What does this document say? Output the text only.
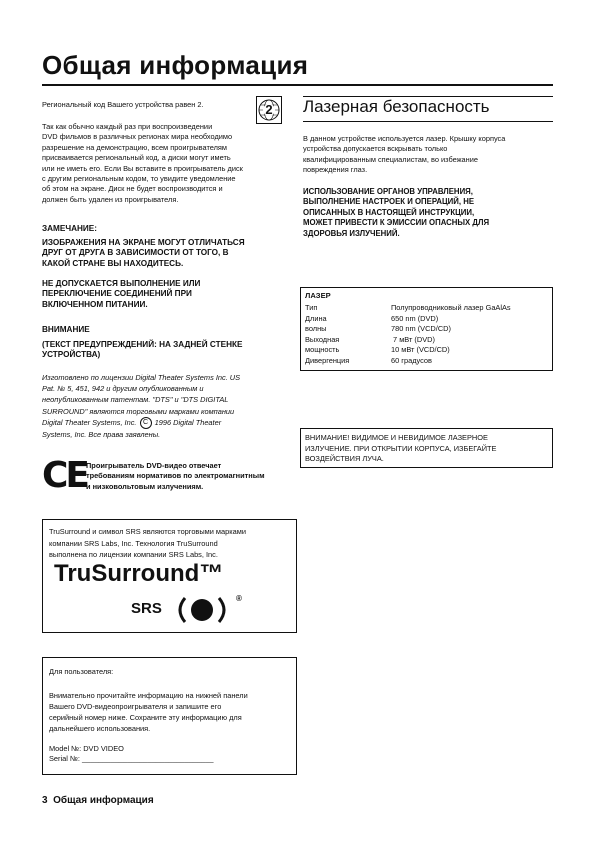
Общая информация
Региональный код Вашего устройства равен 2.	2
Так как обычно каждый раз при воспроизведении
DVD фильмов в различных регионах мира необходимо
разрешение на демонстрацию, всем проигрывателям
присваивается региональный код, а диски могут иметь
или не иметь его. Если Вы вставите в проигрыватель диск
с другим региональным кодом, то увидите уведомление
об этом на экране. Диск не будет воспроизводится и
должен быть удален из проигрывателя.
ЗАМЕЧАНИЕ:
ИЗОБРАЖЕНИЯ НА ЭКРАНЕ МОГУТ ОТЛИЧАТЬСЯ
ДРУГ ОТ ДРУГА В ЗАВИСИМОСТИ ОТ ТОГО, В
КАКОЙ СТРАНЕ ВЫ НАХОДИТЕСЬ.
НЕ ДОПУСКАЕТСЯ ВЫПОЛНЕНИЕ ИЛИ
ПЕРЕКЛЮЧЕНИЕ СОЕДИНЕНИЙ ПРИ
ВКЛЮЧЕННОМ ПИТАНИИ.
ВНИМАНИЕ
(ТЕКСТ ПРЕДУПРЕЖДЕНИЙ: НА ЗАДНЕЙ СТЕНКЕ
УСТРОЙСТВА)
Изготовлено по лицензии Digital Theater Systems Inc. US
Pat. № 5, 451, 942 и другим опубликованным и
неопубликованным патентам. "DTS" и "DTS DIGITAL
SURROUND" являются торговыми марками компании
Digital Theater Systems, Inc. C 1996 Digital Theater
Systems, Inc. Все права заявлены.
CE
Проигрыватель DVD-видео отвечает
требованиям нормативов по электромагнитным
и низковольтовым излучениям.
TruSurround и символ SRS являются торговыми марками
компании SRS Labs, Inc. Технология TruSurround
выполнена по лицензии компании SRS Labs, Inc.
TruSurround™
SRS
®
Для пользователя:
Внимательно прочитайте информацию на нижней панели
Вашего DVD-видеопроигрывателя и запишите его
серийный номер ниже. Сохраните эту информацию для
дальнейшего использования.
Model №: DVD VIDEO
Serial №: ________________________________
3 Общая информация
Лазерная безопасность
В данном устройстве используется лазер. Крышку корпуса
устройства допускается вскрывать только
квалифицированным специалистам, во избежание
повреждения глаз.
ИСПОЛЬЗОВАНИЕ ОРГАНОВ УПРАВЛЕНИЯ,
ВЫПОЛНЕНИЕ НАСТРОЕК И ОПЕРАЦИЙ, НЕ
ОПИСАННЫХ В НАСТОЯЩЕЙ ИНСТРУКЦИИ,
МОЖЕТ ПРИВЕСТИ К ЭМИССИИ ОПАСНЫХ ДЛЯ
ЗДОРОВЬЯ ИЗЛУЧЕНИЙ.
ЛАЗЕР
Тип	Полупроводниковый лазер GaAlAs
Длина	650 nm (DVD)
волны	780 nm (VCD/CD)
Выходная	7 мВт (DVD)
мощность	10 мВт (VCD/CD)
Дивергенция	60 градусов
ВНИМАНИЕ! ВИДИМОЕ И НЕВИДИМОЕ ЛАЗЕРНОЕ
ИЗЛУЧЕНИЕ. ПРИ ОТКРЫТИИ КОРПУСА, ИЗБЕГАЙТЕ
ВОЗДЕЙСТВИЯ ЛУЧА.
